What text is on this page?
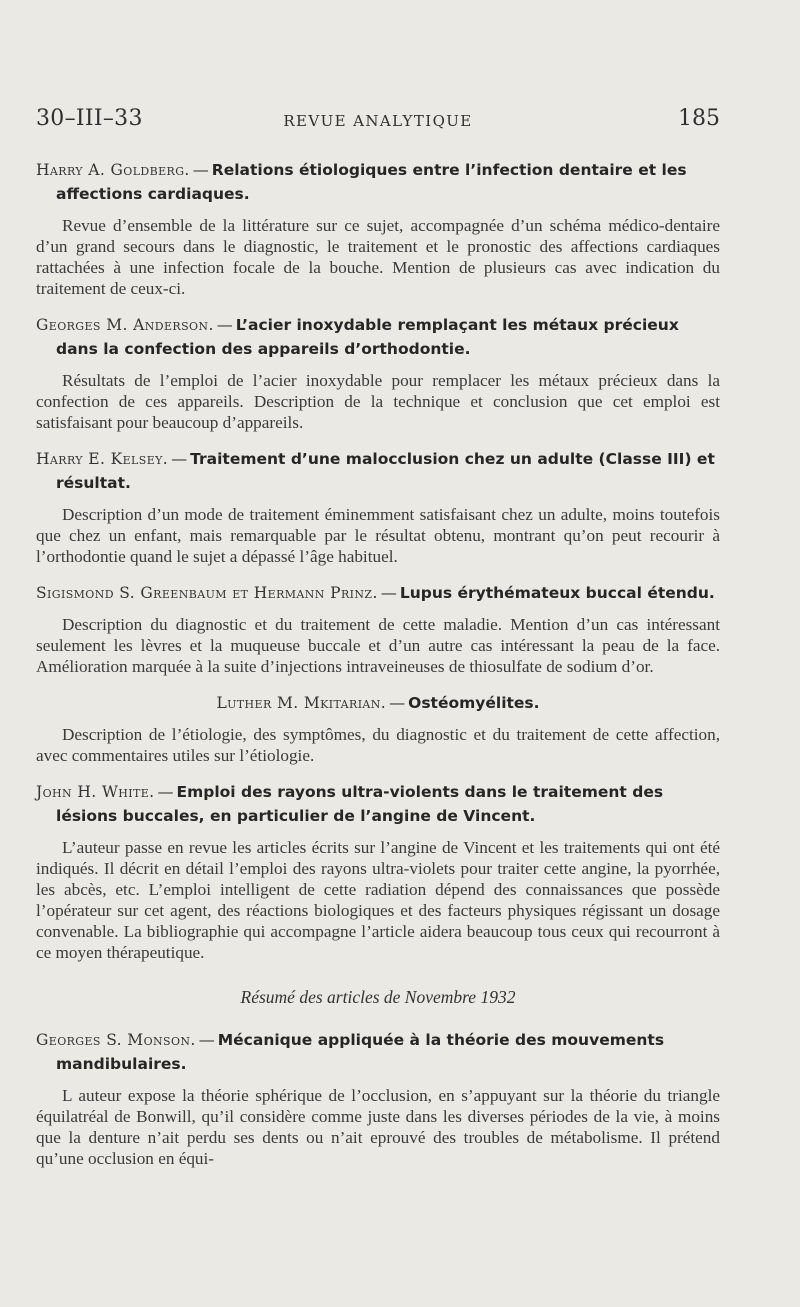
30–III–33	REVUE ANALYTIQUE	185
Harry A. Goldberg. — Relations étiologiques entre l’infection dentaire et les affections cardiaques.

Revue d’ensemble de la littérature sur ce sujet, accompagnée d’un schéma médico-dentaire d’un grand secours dans le diagnostic, le traitement et le pronostic des affections cardiaques rattachées à une infection focale de la bouche. Mention de plusieurs cas avec indication du traitement de ceux-ci.

Georges M. Anderson. — L’acier inoxydable remplaçant les métaux précieux dans la confection des appareils d’orthodontie.

Résultats de l’emploi de l’acier inoxydable pour remplacer les métaux précieux dans la confection de ces appareils. Description de la technique et conclusion que cet emploi est satisfaisant pour beaucoup d’appareils.

Harry E. Kelsey. — Traitement d’une malocclusion chez un adulte (Classe III) et résultat.

Description d’un mode de traitement éminemment satisfaisant chez un adulte, moins toutefois que chez un enfant, mais remarquable par le résultat obtenu, montrant qu’on peut recourir à l’orthodontie quand le sujet a dépassé l’âge habituel.

Sigismond S. Greenbaum et Hermann Prinz. — Lupus érythémateux buccal étendu.

Description du diagnostic et du traitement de cette maladie. Mention d’un cas intéressant seulement les lèvres et la muqueuse buccale et d’un autre cas intéressant la peau de la face. Amélioration marquée à la suite d’injections intraveineuses de thiosulfate de sodium d’or.

Luther M. Mkitarian. — Ostéomyélites.

Description de l’étiologie, des symptômes, du diagnostic et du traitement de cette affection, avec commentaires utiles sur l’étiologie.

John H. White. — Emploi des rayons ultra-violents dans le traitement des lésions buccales, en particulier de l’angine de Vincent.

L’auteur passe en revue les articles écrits sur l’angine de Vincent et les traitements qui ont été indiqués. Il décrit en détail l’emploi des rayons ultra-violets pour traiter cette angine, la pyorrhée, les abcès, etc. L’emploi intelligent de cette radiation dépend des connaissances que possède l’opérateur sur cet agent, des réactions biologiques et des facteurs physiques régissant un dosage convenable. La bibliographie qui accompagne l’article aidera beaucoup tous ceux qui recourront à ce moyen thérapeutique.

Résumé des articles de Novembre 1932
Georges S. Monson. — Mécanique appliquée à la théorie des mouvements mandibulaires.

L auteur expose la théorie sphérique de l’occlusion, en s’appuyant sur la théorie du triangle équilatréal de Bonwill, qu’il considère comme juste dans les diverses périodes de la vie, à moins que la denture n’ait perdu ses dents ou n’ait eprouvé des troubles de métabolisme. Il prétend qu’une occlusion en équi-
